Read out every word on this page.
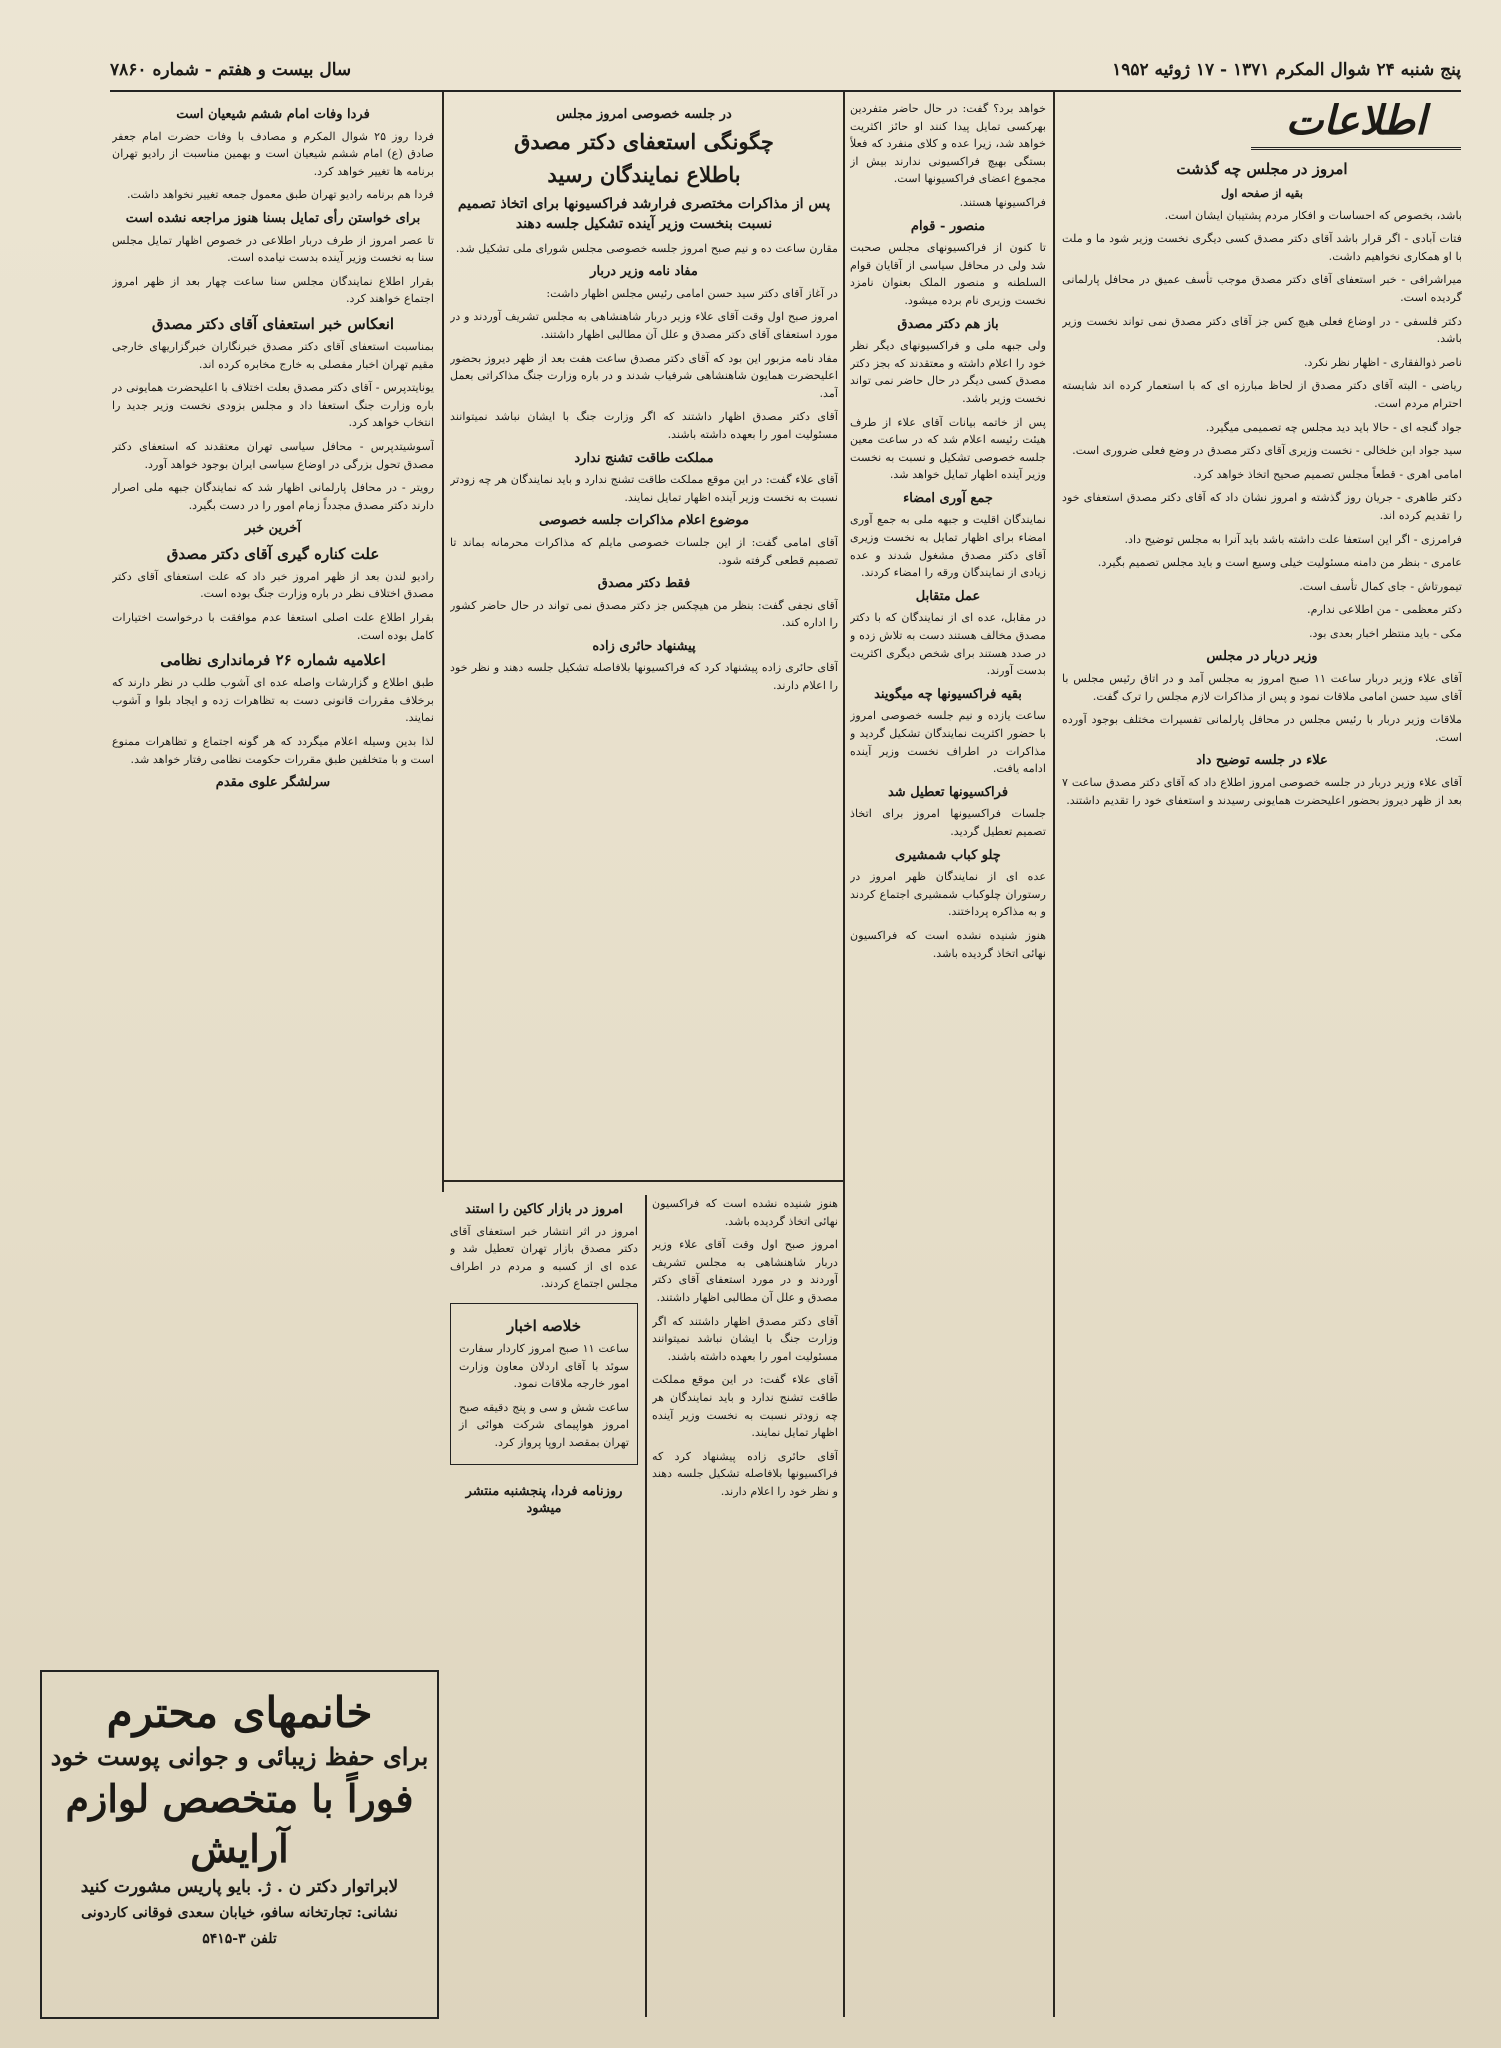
پنج شنبه ۲۴ شوال المکرم ۱۳۷۱ - ۱۷ ژوئیه ۱۹۵۲
سال بیست و هفتم - شماره ۷۸۶۰
اطلاعات
امروز در مجلس چه گذشت
بقیه از صفحه اول

باشد، بخصوص که احساسات و افکار مردم پشتیبان ایشان است.

فتات آبادی - اگر قرار باشد آقای دکتر مصدق کسی دیگری نخست وزیر شود ما و ملت با او همکاری نخواهیم داشت.

میراشرافی - خبر استعفای آقای دکتر مصدق موجب تأسف عمیق در محافل پارلمانی گردیده است.

دکتر فلسفی - در اوضاع فعلی هیچ کس جز آقای دکتر مصدق نمی تواند نخست وزیر باشد.

ناصر ذوالفقاری - اظهار نظر نکرد.

ریاضی - البته آقای دکتر مصدق از لحاظ مبارزه ای که با استعمار کرده اند شایسته احترام مردم است.

جواد گنجه ای - حالا باید دید مجلس چه تصمیمی میگیرد.

سید جواد ابن خلخالی - نخست وزیری آقای دکتر مصدق در وضع فعلی ضروری است.

امامی اهری - قطعاً مجلس تصمیم صحیح اتخاذ خواهد کرد.

دکتر طاهری - جریان روز گذشته و امروز نشان داد که آقای دکتر مصدق استعفای خود را تقدیم کرده اند.

فرامرزی - اگر این استعفا علت داشته باشد باید آنرا به مجلس توضیح داد.

عامری - بنظر من دامنه مسئولیت خیلی وسیع است و باید مجلس تصمیم بگیرد.

تیمورتاش - جای کمال تأسف است.

دکتر معظمی - من اطلاعی ندارم.

مکی - باید منتظر اخبار بعدی بود.

وزیر دربار در مجلس

آقای علاء وزیر دربار ساعت ۱۱ صبح امروز به مجلس آمد و در اتاق رئیس مجلس با آقای سید حسن امامی ملاقات نمود و پس از مذاکرات لازم مجلس را ترک گفت.

ملاقات وزیر دربار با رئیس مجلس در محافل پارلمانی تفسیرات مختلف بوجود آورده است.

علاء در جلسه توضیح داد

آقای علاء وزیر دربار در جلسه خصوصی امروز اطلاع داد که آقای دکتر مصدق ساعت ۷ بعد از ظهر دیروز بحضور اعلیحضرت همایونی رسیدند و استعفای خود را تقدیم داشتند.

خواهد برد؟ گفت: در حال حاضر متفردین بهرکسی تمایل پیدا کنند او حائز اکثریت خواهد شد، زیرا عده و کلای منفرد که فعلاً بستگی بهیچ فراکسیونی ندارند بیش از مجموع اعضای فراکسیونها است.

فراکسیونها هستند.

منصور - قوام

تا کنون از فراکسیونهای مجلس صحبت شد ولی در محافل سیاسی از آقایان قوام السلطنه و منصور الملک بعنوان نامزد نخست وزیری نام برده میشود.

باز هم دکتر مصدق

ولی جبهه ملی و فراکسیونهای دیگر نظر خود را اعلام داشته و معتقدند که بجز دکتر مصدق کسی دیگر در حال حاضر نمی تواند نخست وزیر باشد.

پس از خاتمه بیانات آقای علاء از طرف هیئت رئیسه اعلام شد که در ساعت معین جلسه خصوصی تشکیل و نسبت به نخست وزیر آینده اظهار تمایل خواهد شد.

جمع آوری امضاء

نمایندگان اقلیت و جبهه ملی به جمع آوری امضاء برای اظهار تمایل به نخست وزیری آقای دکتر مصدق مشغول شدند و عده زیادی از نمایندگان ورقه را امضاء کردند.

عمل متقابل

در مقابل، عده ای از نمایندگان که با دکتر مصدق مخالف هستند دست به تلاش زده و در صدد هستند برای شخص دیگری اکثریت بدست آورند.

بقیه فراکسیونها چه میگویند

ساعت یازده و نیم جلسه خصوصی امروز با حضور اکثریت نمایندگان تشکیل گردید و مذاکرات در اطراف نخست وزیر آینده ادامه یافت.

فراکسیونها تعطیل شد

جلسات فراکسیونها امروز برای اتخاذ تصمیم تعطیل گردید.

چلو کباب شمشیری

عده ای از نمایندگان ظهر امروز در رستوران چلوکباب شمشیری اجتماع کردند و به مذاکره پرداختند.

هنوز شنیده نشده است که فراکسیون نهائی اتخاذ گردیده باشد.

در جلسه خصوصی امروز مجلس
چگونگی استعفای دکتر مصدق
باطلاع نمایندگان رسید
پس از مذاکرات مختصری فرارشد فراکسیونها برای اتخاذ تصمیم نسبت بنخست وزیر آینده تشکیل جلسه دهند

مقارن ساعت ده و نیم صبح امروز جلسه خصوصی مجلس شورای ملی تشکیل شد.

مفاد نامه وزیر دربار

در آغاز آقای دکتر سید حسن امامی رئیس مجلس اظهار داشت:

امروز صبح اول وقت آقای علاء وزیر دربار شاهنشاهی به مجلس تشریف آوردند و در مورد استعفای آقای دکتر مصدق و علل آن مطالبی اظهار داشتند.

مفاد نامه مزبور این بود که آقای دکتر مصدق ساعت هفت بعد از ظهر دیروز بحضور اعلیحضرت همایون شاهنشاهی شرفیاب شدند و در باره وزارت جنگ مذاکراتی بعمل آمد.

آقای دکتر مصدق اظهار داشتند که اگر وزارت جنگ با ایشان نباشد نمیتوانند مسئولیت امور را بعهده داشته باشند.

مملکت طاقت تشنج ندارد

آقای علاء گفت: در این موقع مملکت طاقت تشنج ندارد و باید نمایندگان هر چه زودتر نسبت به نخست وزیر آینده اظهار تمایل نمایند.

موضوع اعلام مذاکرات جلسه خصوصی

آقای امامی گفت: از این جلسات خصوصی مایلم که مذاکرات محرمانه بماند تا تصمیم قطعی گرفته شود.

فقط دکتر مصدق

آقای نجفی گفت: بنظر من هیچکس جز دکتر مصدق نمی تواند در حال حاضر کشور را اداره کند.

پیشنهاد حائری زاده

آقای حائری زاده پیشنهاد کرد که فراکسیونها بلافاصله تشکیل جلسه دهند و نظر خود را اعلام دارند.

هنوز شنیده نشده است که فراکسیون نهائی اتخاذ گردیده باشد.

امروز صبح اول وقت آقای علاء وزیر دربار شاهنشاهی به مجلس تشریف آوردند و در مورد استعفای آقای دکتر مصدق و علل آن مطالبی اظهار داشتند.

آقای دکتر مصدق اظهار داشتند که اگر وزارت جنگ با ایشان نباشد نمیتوانند مسئولیت امور را بعهده داشته باشند.

آقای علاء گفت: در این موقع مملکت طاقت تشنج ندارد و باید نمایندگان هر چه زودتر نسبت به نخست وزیر آینده اظهار تمایل نمایند.

آقای حائری زاده پیشنهاد کرد که فراکسیونها بلافاصله تشکیل جلسه دهند و نظر خود را اعلام دارند.

امروز در بازار کاکین را استند

امروز در اثر انتشار خبر استعفای آقای دکتر مصدق بازار تهران تعطیل شد و عده ای از کسبه و مردم در اطراف مجلس اجتماع کردند.

خلاصه اخبار

ساعت ۱۱ صبح امروز کاردار سفارت سوئد با آقای اردلان معاون وزارت امور خارجه ملاقات نمود.

ساعت شش و سی و پنج دقیقه صبح امروز هواپیمای شرکت هوائی از تهران بمقصد اروپا پرواز کرد.

روزنامه فردا، پنجشنبه منتشر میشود
فردا وفات امام ششم شیعیان است

فردا روز ۲۵ شوال المکرم و مصادف با وفات حضرت امام جعفر صادق (ع) امام ششم شیعیان است و بهمین مناسبت از رادیو تهران برنامه ها تغییر خواهد کرد.

فردا هم برنامه رادیو تهران طبق معمول جمعه تغییر نخواهد داشت.

برای خواستن رأی تمایل بسنا هنوز مراجعه نشده است

تا عصر امروز از طرف دربار اطلاعی در خصوص اظهار تمایل مجلس سنا به نخست وزیر آینده بدست نیامده است.

بقرار اطلاع نمایندگان مجلس سنا ساعت چهار بعد از ظهر امروز اجتماع خواهند کرد.

انعکاس خبر استعفای آقای دکتر مصدق

بمناسبت استعفای آقای دکتر مصدق خبرنگاران خبرگزاریهای خارجی مقیم تهران اخبار مفصلی به خارج مخابره کرده اند.

یونایتدپرس - آقای دکتر مصدق بعلت اختلاف با اعلیحضرت همایونی در باره وزارت جنگ استعفا داد و مجلس بزودی نخست وزیر جدید را انتخاب خواهد کرد.

آسوشیتدپرس - محافل سیاسی تهران معتقدند که استعفای دکتر مصدق تحول بزرگی در اوضاع سیاسی ایران بوجود خواهد آورد.

رویتر - در محافل پارلمانی اظهار شد که نمایندگان جبهه ملی اصرار دارند دکتر مصدق مجدداً زمام امور را در دست بگیرد.

آخرین خبر
علت کناره گیری آقای دکتر مصدق

رادیو لندن بعد از ظهر امروز خبر داد که علت استعفای آقای دکتر مصدق اختلاف نظر در باره وزارت جنگ بوده است.

بقرار اطلاع علت اصلی استعفا عدم موافقت با درخواست اختیارات کامل بوده است.

اعلامیه شماره ۲۶ فرمانداری نظامی

طبق اطلاع و گزارشات واصله عده ای آشوب طلب در نظر دارند که برخلاف مقررات قانونی دست به تظاهرات زده و ایجاد بلوا و آشوب نمایند.

لذا بدین وسیله اعلام میگردد که هر گونه اجتماع و تظاهرات ممنوع است و با متخلفین طبق مقررات حکومت نظامی رفتار خواهد شد.

سرلشگر علوی مقدم
خانمهای محترم
برای حفظ زیبائی و جوانی پوست خود
فوراً با متخصص لوازم آرایش
لابراتوار دکتر ن . ژ. بایو پاریس مشورت کنید
نشانی: تجارتخانه سافو، خیابان سعدی فوقانی کاردونی
تلفن ۳-۵۴۱۵
